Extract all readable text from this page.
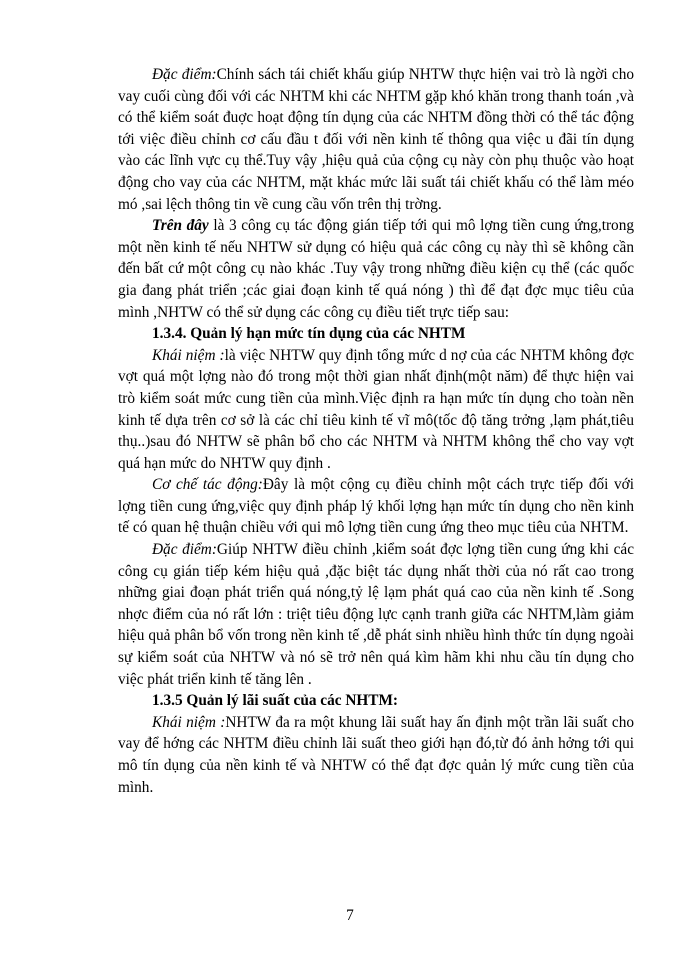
Đặc điểm:Chính sách tái chiết khấu giúp NHTW thực hiện vai trò là ngời cho vay cuối cùng đối với các NHTM khi các NHTM gặp khó khăn trong thanh toán ,và có thể kiểm soát đuợc hoạt động tín dụng của các NHTM đồng thời có thể tác động tới việc điều chỉnh cơ cấu đầu t đối với nền kinh tế thông qua việc u đãi tín dụng vào các lĩnh vực cụ thể.Tuy vậy ,hiệu quả của cộng cụ này còn phụ thuộc vào hoạt động cho vay của các NHTM, mặt khác mức lãi suất tái chiết khấu có thể làm méo mó ,sai lệch thông tin về cung cầu vốn trên thị trờng.

Trên đây là 3 công cụ tác động gián tiếp tới qui mô lợng tiền cung ứng,trong một nền kinh tế nếu NHTW sử dụng có hiệu quả các công cụ này thì sẽ không cần đến bất cứ một công cụ nào khác .Tuy vậy trong những điều kiện cụ thể (các quốc gia đang phát triển ;các giai đoạn kinh tế quá nóng ) thì để đạt đợc mục tiêu của mình ,NHTW có thể sử dụng các công cụ điều tiết trực tiếp sau:

1.3.4. Quản lý hạn mức tín dụng của các NHTM

Khái niệm :là việc NHTW quy định tổng mức d nợ của các NHTM không đợc vợt quá một lợng nào đó trong một thời gian nhất định(một năm) để thực hiện vai trò kiểm soát mức cung tiền của mình.Việc định ra hạn mức tín dụng cho toàn nền kinh tế dựa trên cơ sở là các chỉ tiêu kinh tế vĩ mô(tốc độ tăng trởng ,lạm phát,tiêu thụ..)sau đó NHTW sẽ phân bổ cho các NHTM và NHTM không thể cho vay vợt quá hạn mức do NHTW quy định .

Cơ chế tác động:Đây là một cộng cụ điều chỉnh một cách trực tiếp đối với lợng tiền cung ứng,việc quy định pháp lý khối lợng hạn mức tín dụng cho nền kinh tế có quan hệ thuận chiều với qui mô lợng tiền cung ứng theo mục tiêu của NHTM.

Đặc điểm:Giúp NHTW điều chỉnh ,kiểm soát đợc lợng tiền cung ứng khi các công cụ gián tiếp kém hiệu quả ,đặc biệt tác dụng nhất thời của nó rất cao trong những giai đoạn phát triển quá nóng,tỷ lệ lạm phát quá cao của nền kinh tế .Song nhợc điểm của nó rất lớn : triệt tiêu động lực cạnh tranh giữa các NHTM,làm giảm hiệu quả phân bổ vốn trong nền kinh tế ,dễ phát sinh nhiều hình thức tín dụng ngoài sự kiểm soát của NHTW và nó sẽ trở nên quá kìm hãm khi nhu cầu tín dụng cho việc phát triển kinh tế tăng lên .

1.3.5 Quản lý lãi suất của các NHTM:

Khái niệm :NHTW đa ra một khung lãi suất hay ấn định một trần lãi suất cho vay để hớng các NHTM điều chỉnh lãi suất theo giới hạn đó,từ đó ảnh hởng tới qui mô tín dụng của nền kinh tế và NHTW có thể đạt đợc quản lý mức cung tiền của mình.

7
